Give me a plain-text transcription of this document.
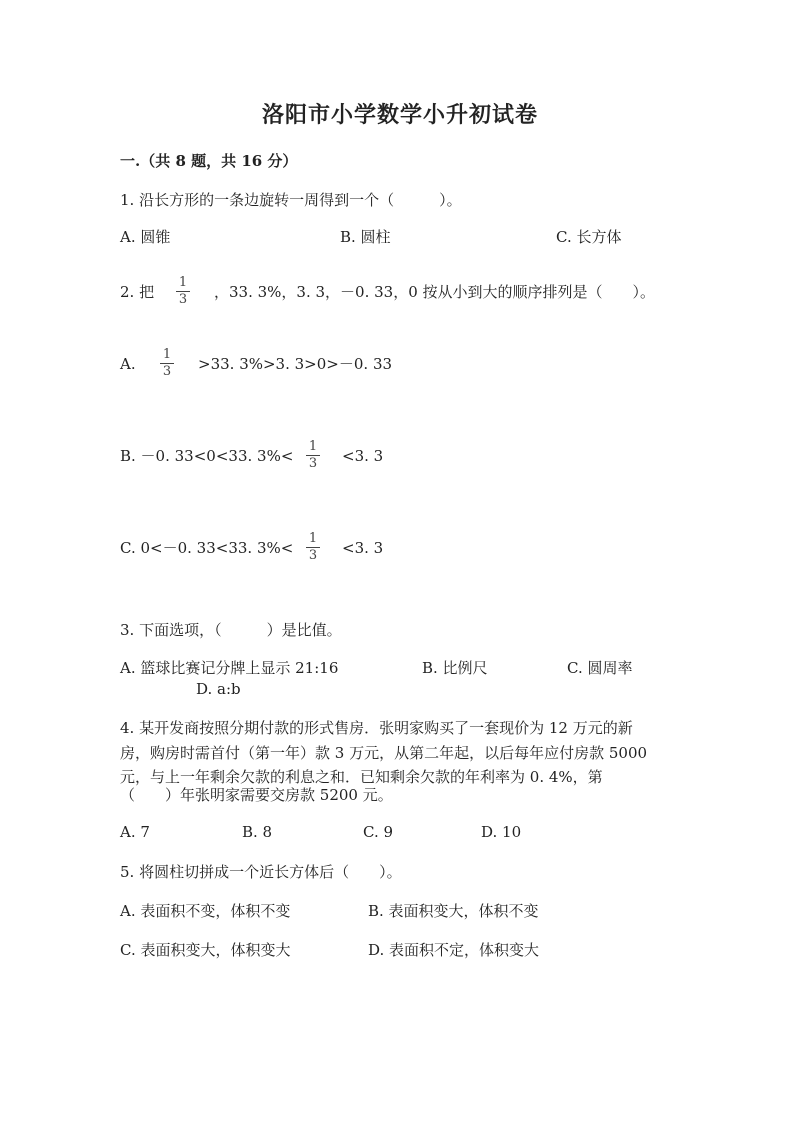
洛阳市小学数学小升初试卷
一.（共 8 题，共 16 分）
1. 沿长方形的一条边旋转一周得到一个（　　　）。
A. 圆锥	B. 圆柱	C. 长方体
2. 把
1
3 ，33. 3%，3. 3，－0. 33，0 按从小到大的顺序排列是（　　）。
A.
1
3 >33. 3%>3. 3>0>－0. 33
B. －0. 33<0<33. 3%<
1
3 <3. 3
C. 0<－0. 33<33. 3%<
1
3 <3. 3
3. 下面选项，（　　　）是比值。
A. 篮球比赛记分牌上显示 21:16	B. 比例尺	C. 圆周率
D. a:b
4. 某开发商按照分期付款的形式售房．张明家购买了一套现价为 12 万元的新
房，购房时需首付（第一年）款 3 万元，从第二年起，以后每年应付房款 5000
元，与上一年剩余欠款的利息之和．已知剩余欠款的年利率为 0. 4%，第
（　　）年张明家需要交房款 5200 元。
A. 7	B. 8	C. 9	D. 10
5. 将圆柱切拼成一个近长方体后（　　）。
A. 表面积不变，体积不变	B. 表面积变大，体积不变
C. 表面积变大，体积变大	D. 表面积不定，体积变大
